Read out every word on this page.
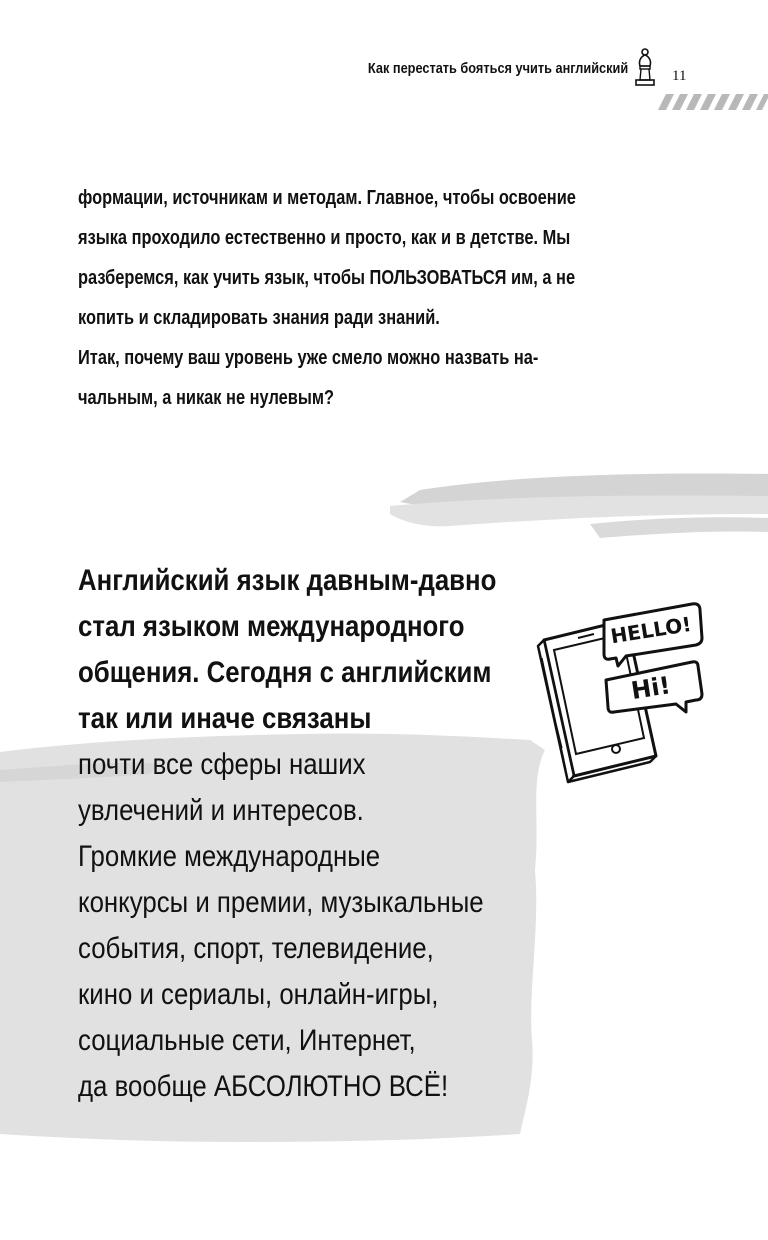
Как перестать бояться учить английский	11

формации, источникам и методам. Главное, чтобы освоение

языка проходило естественно и просто, как и в детстве. Мы

разберемся, как учить язык, чтобы ПОЛЬЗОВАТЬСЯ им, а не

копить и складировать знания ради знаний.

Итак, почему ваш уровень уже смело можно назвать на-

чальным, а никак не нулевым?

Английский язык давным-давно

стал языком международного

общения. Сегодня с английским

так или иначе связаны

почти все сферы наших

увлечений и интересов.

Громкие международные

конкурсы и премии, музыкальные

события, спорт, телевидение,

кино и сериалы, онлайн-игры,

социальные сети, Интернет,

да вообще АБСОЛЮТНО ВСЁ!

HELLO!
Hi!
